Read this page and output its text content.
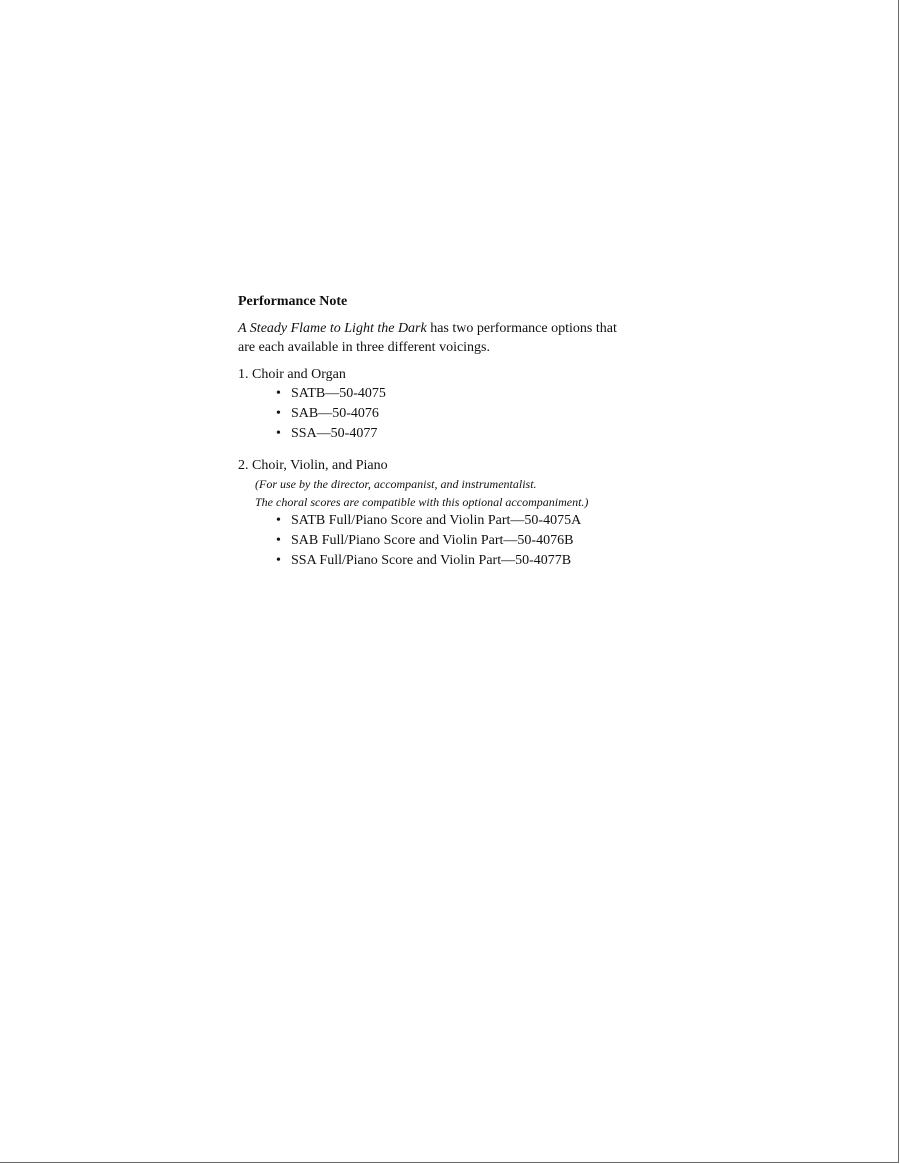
Performance Note
A Steady Flame to Light the Dark has two performance options that
are each available in three different voicings.
1. Choir and Organ
• SATB—50-4075
• SAB—50-4076
• SSA—50-4077
2. Choir, Violin, and Piano
(For use by the director, accompanist, and instrumentalist.
The choral scores are compatible with this optional accompaniment.)
• SATB Full/Piano Score and Violin Part—50-4075A
• SAB Full/Piano Score and Violin Part—50-4076B
• SSA Full/Piano Score and Violin Part—50-4077B
